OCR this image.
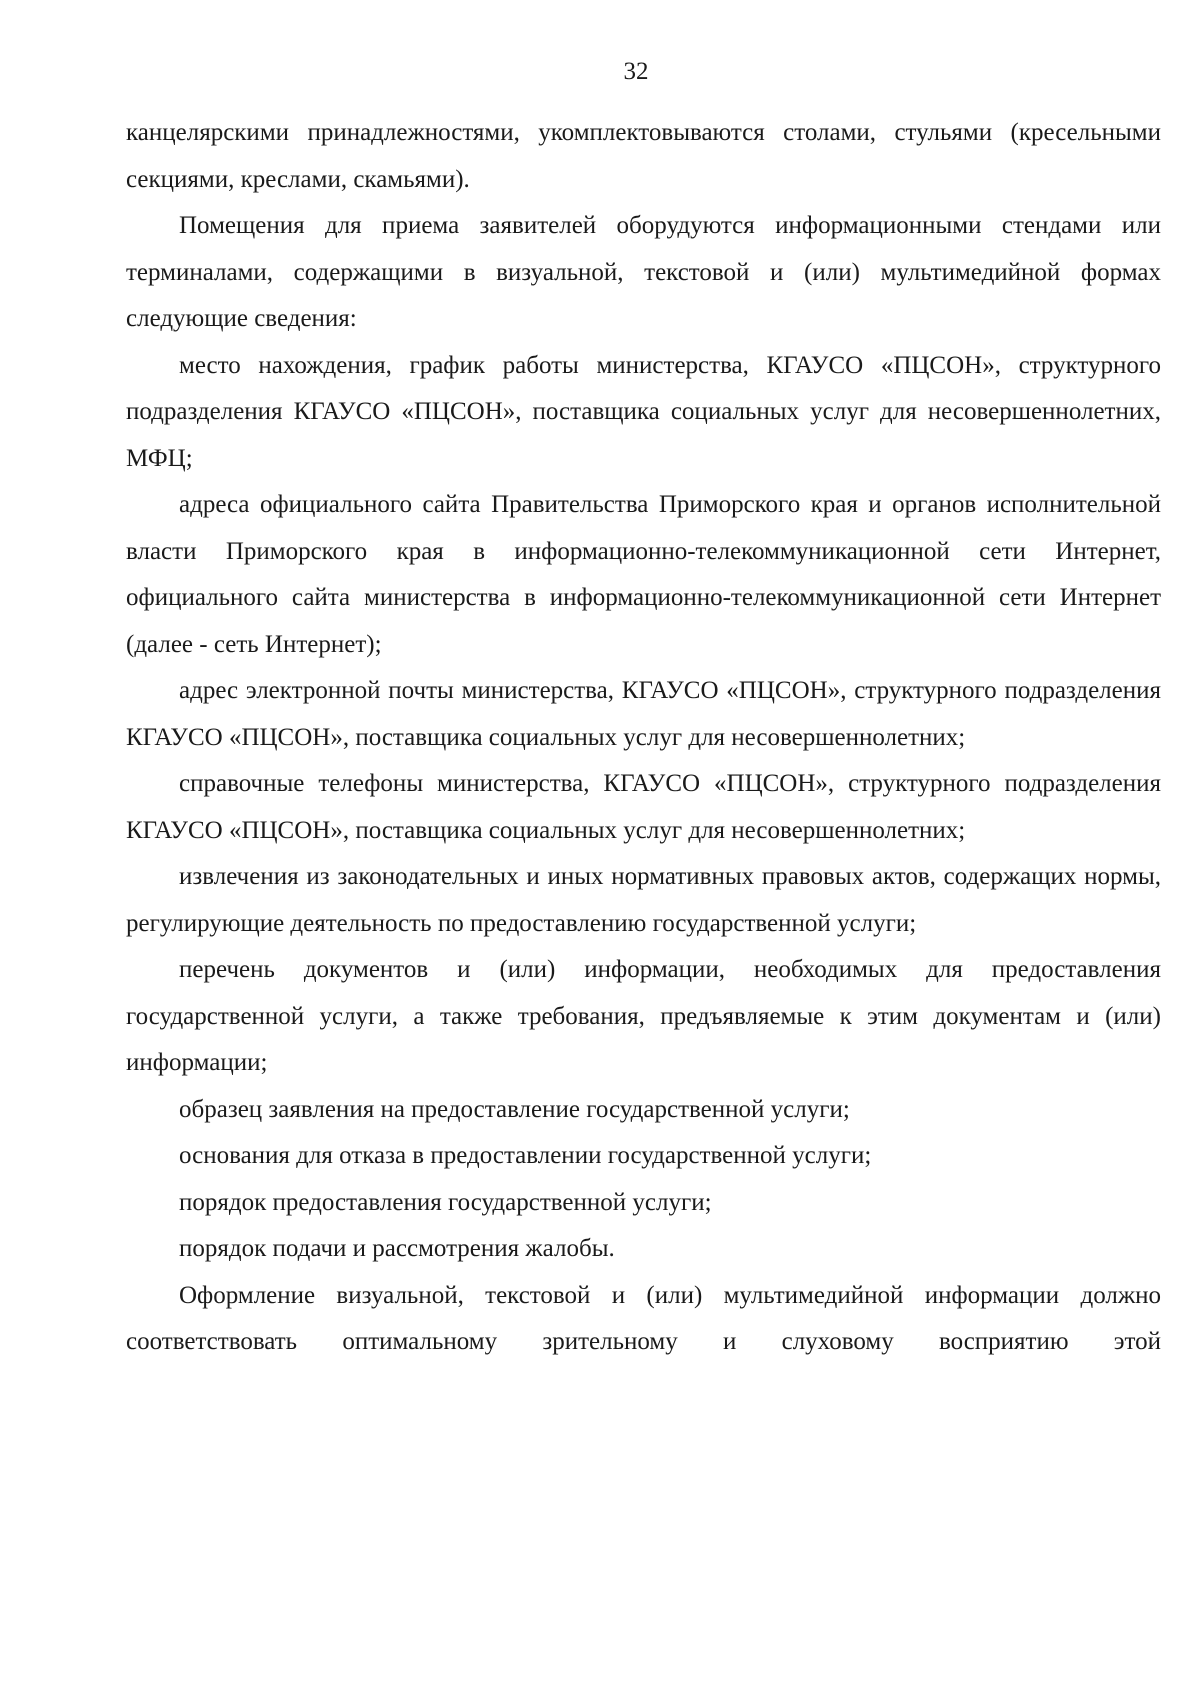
32

канцелярскими принадлежностями, укомплектовываются столами, стульями (кресельными секциями, креслами, скамьями).

Помещения для приема заявителей оборудуются информационными стендами или терминалами, содержащими в визуальной, текстовой и (или) мультимедийной формах следующие сведения:

место нахождения, график работы министерства, КГАУСО «ПЦСОН», структурного подразделения КГАУСО «ПЦСОН», поставщика социальных услуг для несовершеннолетних, МФЦ;

адреса официального сайта Правительства Приморского края и органов исполнительной власти Приморского края в информационно-телекоммуникационной сети Интернет, официального сайта министерства в информационно-телекоммуникационной сети Интернет (далее - сеть Интернет);

адрес электронной почты министерства, КГАУСО «ПЦСОН», структурного подразделения КГАУСО «ПЦСОН», поставщика социальных услуг для несовершеннолетних;

справочные телефоны министерства, КГАУСО «ПЦСОН», структурного подразделения КГАУСО «ПЦСОН», поставщика социальных услуг для несовершеннолетних;

извлечения из законодательных и иных нормативных правовых актов, содержащих нормы, регулирующие деятельность по предоставлению государственной услуги;

перечень документов и (или) информации, необходимых для предоставления государственной услуги, а также требования, предъявляемые к этим документам и (или) информации;

образец заявления на предоставление государственной услуги;

основания для отказа в предоставлении государственной услуги;

порядок предоставления государственной услуги;

порядок подачи и рассмотрения жалобы.

Оформление визуальной, текстовой и (или) мультимедийной информации должно соответствовать оптимальному зрительному и слуховому восприятию этой
